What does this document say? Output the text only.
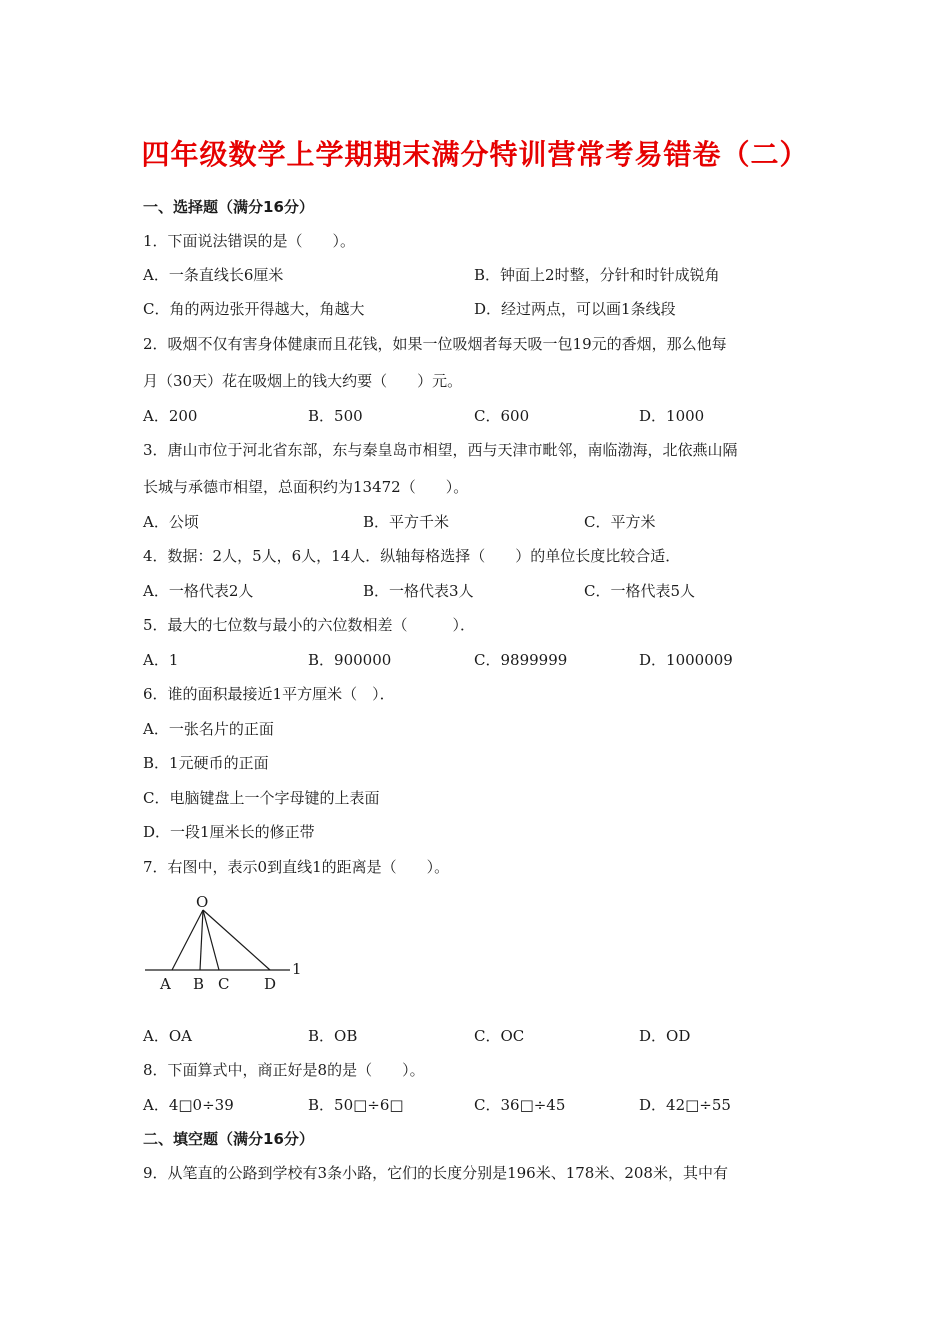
四年级数学上学期期末满分特训营常考易错卷（二）
一、选择题（满分16分）
1．下面说法错误的是（　　）。
A．一条直线长6厘米	B．钟面上2时整，分针和时针成锐角
C．角的两边张开得越大，角越大	D．经过两点，可以画1条线段
2．吸烟不仅有害身体健康而且花钱，如果一位吸烟者每天吸一包19元的香烟，那么他每
月（30天）花在吸烟上的钱大约要（　　）元。
A．200	B．500	C．600	D．1000
3．唐山市位于河北省东部，东与秦皇岛市相望，西与天津市毗邻，南临渤海，北依燕山隔
长城与承德市相望，总面积约为13472（　　）。
A．公顷	B．平方千米	C．平方米
4．数据：2人，5人，6人，14人．纵轴每格选择（　　）的单位长度比较合适．
A．一格代表2人	B．一格代表3人	C．一格代表5人
5．最大的七位数与最小的六位数相差（　　　）．
A．1	B．900000	C．9899999	D．1000009
6．谁的面积最接近1平方厘米（　）．
A．一张名片的正面
B．1元硬币的正面
C．电脑键盘上一个字母键的上表面
D．一段1厘米长的修正带
7．右图中，表示0到直线1的距离是（　　）。
O
A B C D
1
A．OA	B．OB	C．OC	D．OD
8．下面算式中，商正好是8的是（　　）。
A．4□0÷39	B．50□÷6□	C．36□÷45	D．42□÷55
二、填空题（满分16分）
9．从笔直的公路到学校有3条小路，它们的长度分别是196米、178米、208米，其中有
